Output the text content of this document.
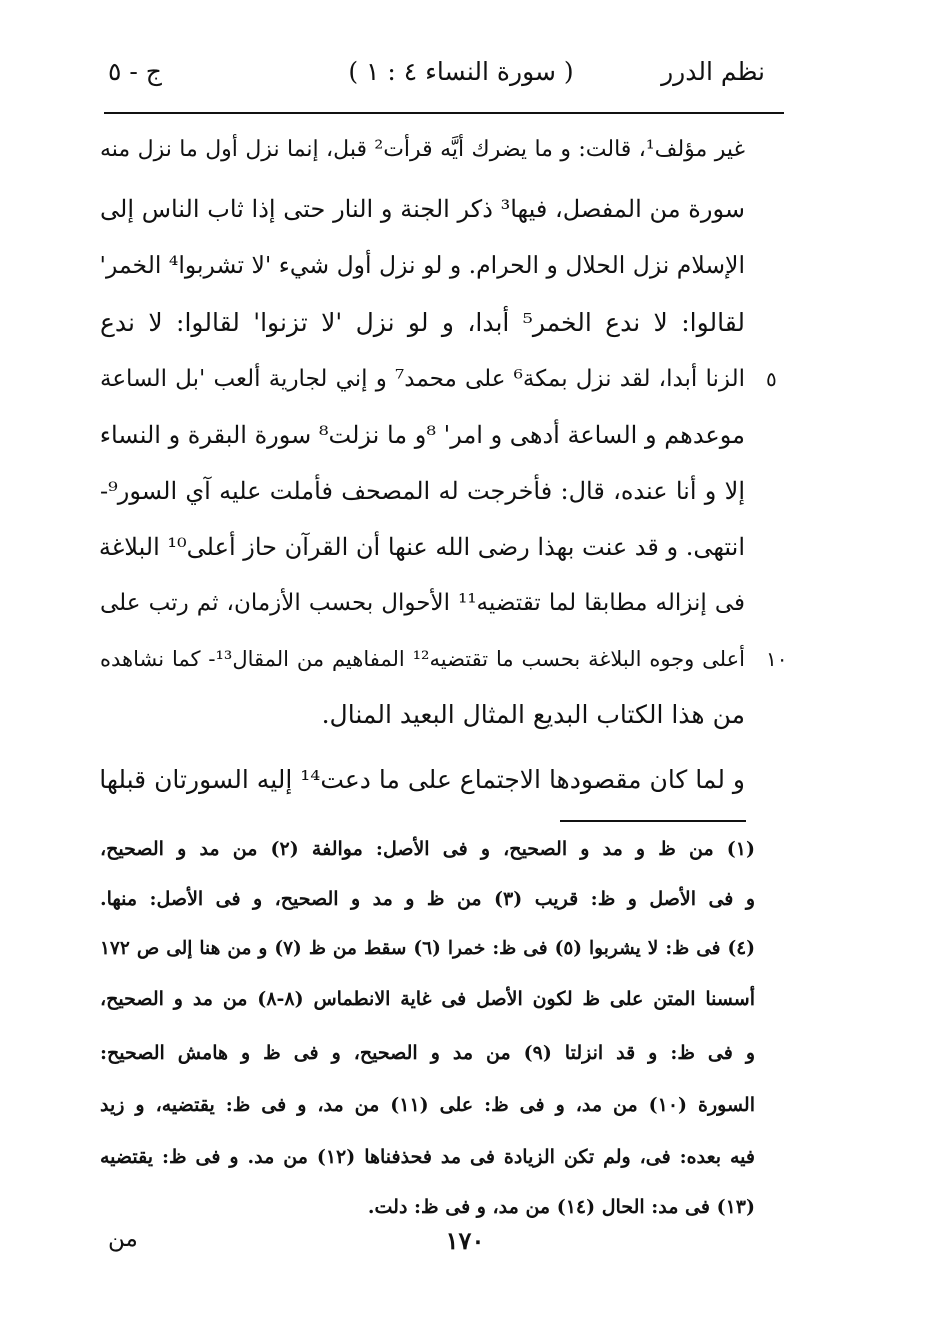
نظم الدرر
( سورة النساء ٤ : ١ )
ج - ٥
غير مؤلف¹، قالت: و ما يضرك أيَّه قرأت² قبل، إنما نزل أول ما نزل منه
سورة من المفصل، فيها³ ذكر الجنة و النار حتى إذا ثاب الناس إلى
الإسلام نزل الحلال و الحرام. و لو نزل أول شيء 'لا تشربوا⁴ الخمر'
لقالوا: لا ندع الخمر⁵ أبدا، و لو نزل 'لا تزنوا' لقالوا: لا ندع
الزنا أبدا، لقد نزل بمكة⁶ على محمد⁷ و إني لجارية ألعب 'بل الساعة ٥
موعدهم و الساعة أدهى و امر' ⁸و ما نزلت⁸ سورة البقرة و النساء
إلا و أنا عنده، قال: فأخرجت له المصحف فأملت عليه آي السور⁹-
انتهى. و قد عنت بهذا رضى الله عنها أن القرآن حاز أعلى¹⁰ البلاغة
فى إنزاله مطابقا لما تقتضيه¹¹ الأحوال بحسب الأزمان، ثم رتب على
أعلى وجوه البلاغة بحسب ما تقتضيه¹² المفاهيم من المقال¹³- كما نشاهده ١٠
من هذا الكتاب البديع المثال البعيد المنال.
و لما كان مقصودها الاجتماع على ما دعت¹⁴ إليه السورتان قبلها
(١) من ظ و مد و الصحيح، و فى الأصل: موالفة (٢) من مد و الصحيح،
و فى الأصل و ظ: قريب (٣) من ظ و مد و الصحيح، و فى الأصل: منها.
(٤) فى ظ: لا يشربوا (٥) فى ظ: خمرا (٦) سقط من ظ (٧) و من هنا إلى ص ١٧٢
أسسنا المتن على ظ لكون الأصل فى غاية الانطماس (٨-٨) من مد و الصحيح،
و فى ظ: و قد انزلتا (٩) من مد و الصحيح، و فى ظ و هامش الصحيح:
السورة (١٠) من مد، و فى ظ: على (١١) من مد، و فى ظ: يقتضيه، و زيد
فيه بعده: فى، ولم تكن الزيادة فى مد فحذفناها (١٢) من مد. و فى ظ: يقتضيه
(١٣) فى مد: الحال (١٤) من مد، و فى ظ: دلت.
١٧٠
من
